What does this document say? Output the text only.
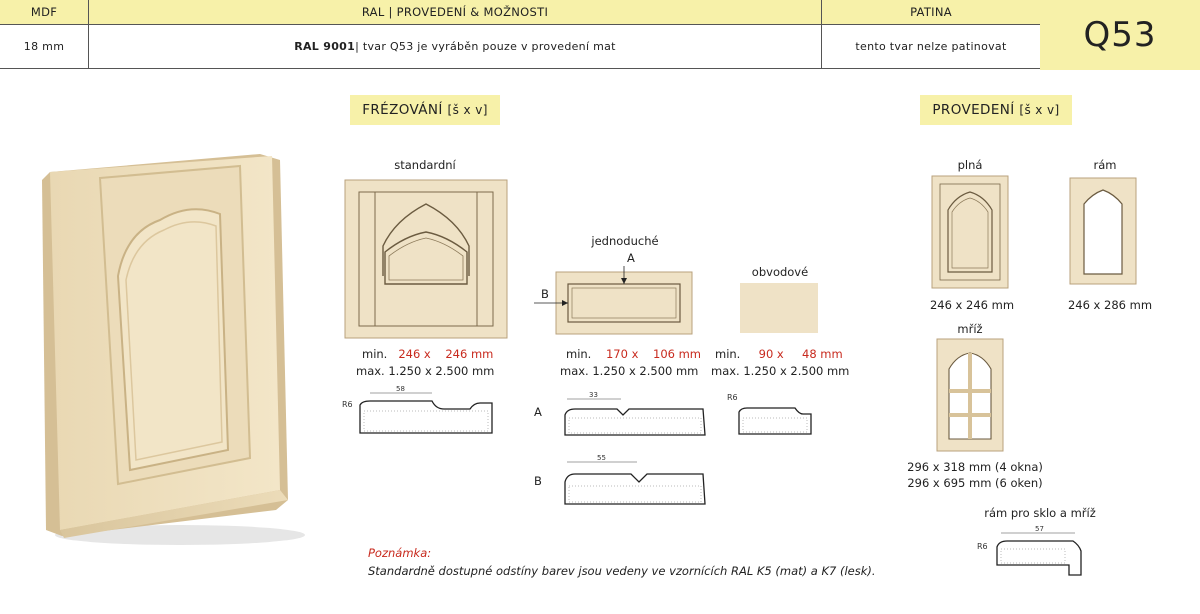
MDF	RAL | PROVEDENÍ & MOŽNOSTI	PATINA
18 mm	RAL 9001 | tvar Q53 je vyráběn pouze v provedení mat	tento tvar nelze patinovat	Q53
FRÉZOVÁNÍ
[š x v]
standardní
min. 246 x    246 mm
max. 1.250 x 2.500 mm
R6
58
jednoduché
A
B
min. 170 x    106 mm
max. 1.250 x 2.500 mm
A
33
B
55
obvodové
min. 90 x     48 mm
max. 1.250 x 2.500 mm
R6
PROVEDENÍ
[š x v]
plná
246 x 246 mm
rám
246 x 286 mm
mříž
296 x 318 mm (4 okna)
296 x 695 mm (6 oken)
rám pro sklo a mříž
R6
57
Poznámka:
Standardně dostupné odstíny barev jsou vedeny ve vzornících RAL K5 (mat) a K7 (lesk).
